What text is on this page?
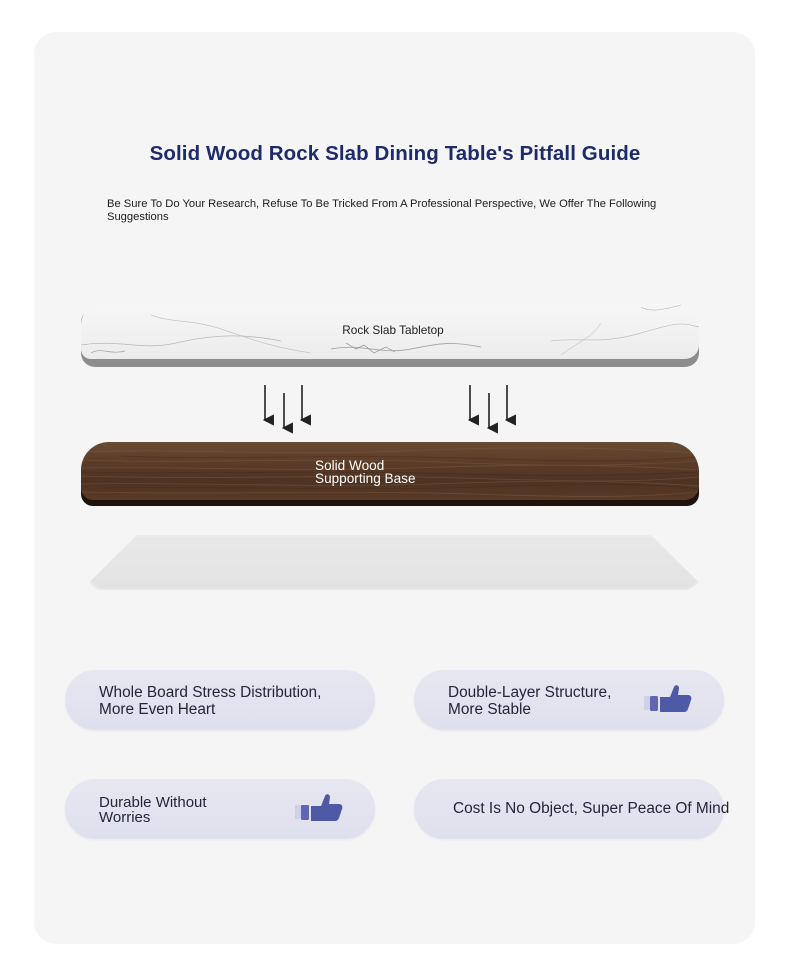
Solid Wood Rock Slab Dining Table's Pitfall Guide
Be Sure To Do Your Research, Refuse To Be Tricked From A Professional Perspective, We Offer The Following Suggestions
Rock Slab Tabletop
Solid Wood
Supporting Base
Whole Board Stress Distribution,
More Even Heart
Double-Layer Structure,
More Stable
Durable Without
Worries	Cost Is No Object, Super Peace Of Mind
